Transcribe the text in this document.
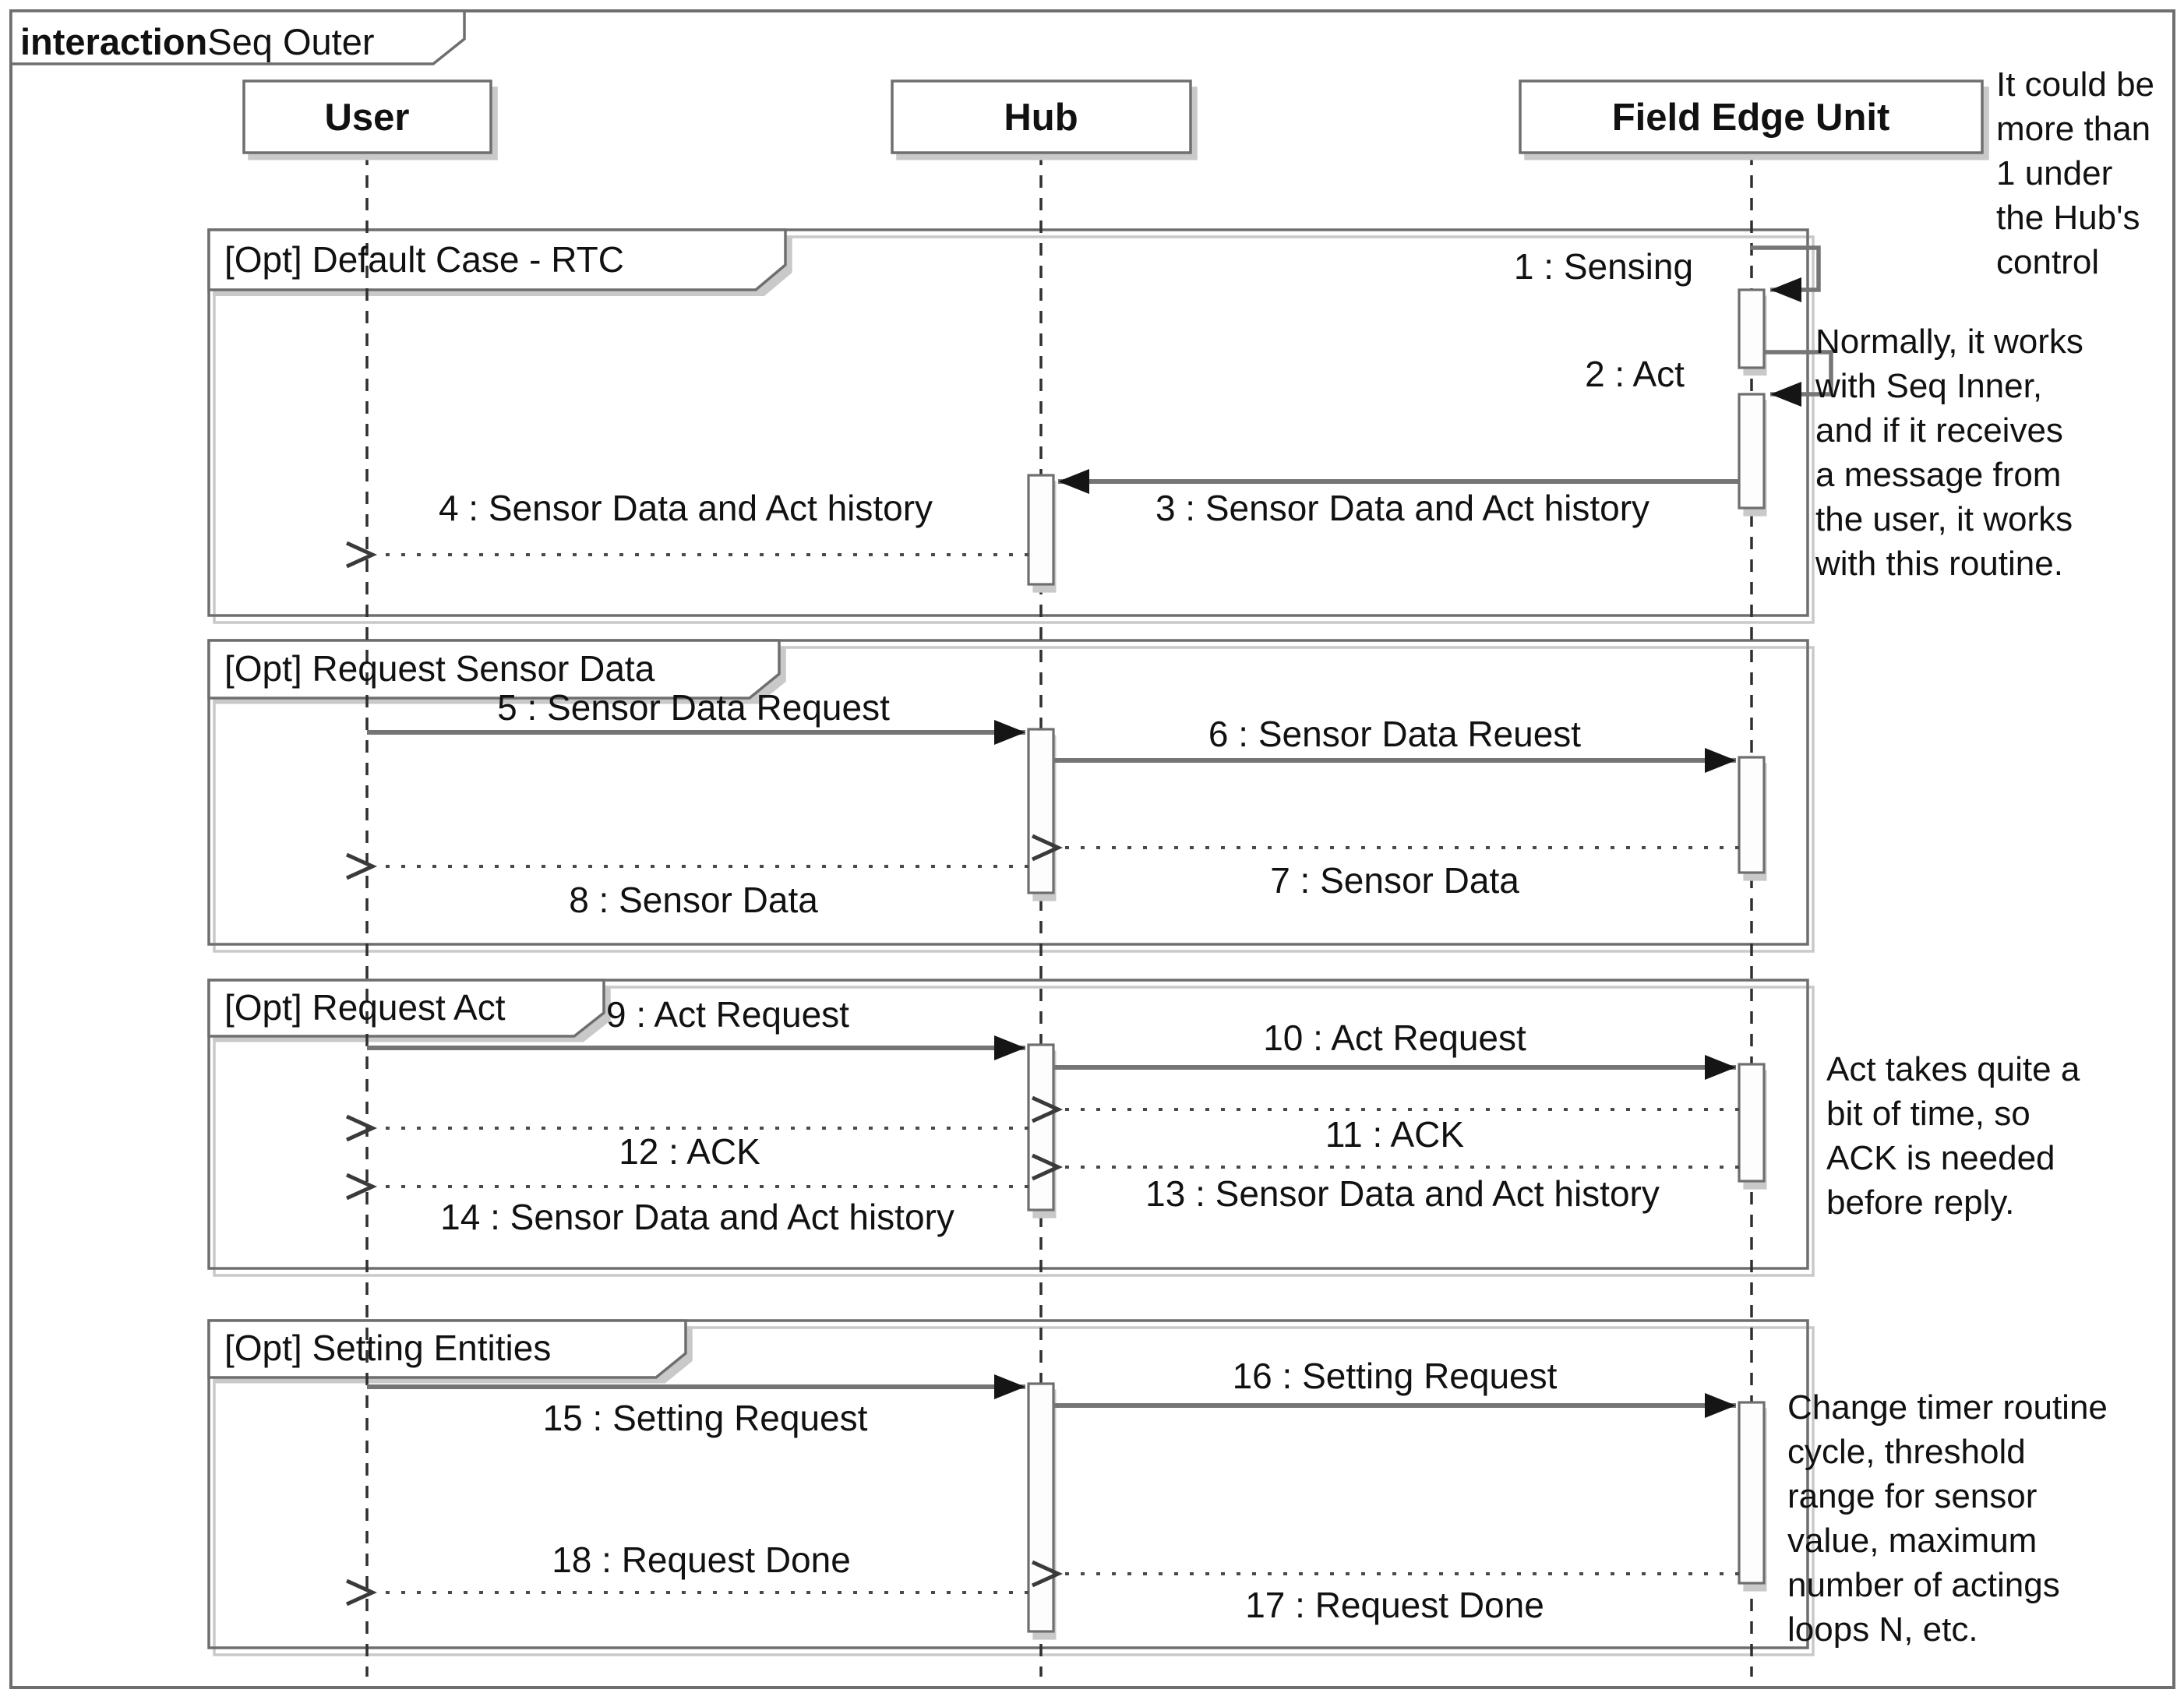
interactionSeq Outer
User	Hub	Field Edge Unit
[Opt] Default Case - RTC
[Opt] Request Sensor Data
[Opt] Request Act
[Opt] Setting Entities
1 : Sensing
2 : Act
3 : Sensor Data and Act history
4 : Sensor Data and Act history
5 : Sensor Data Request
6 : Sensor Data Reuest
7 : Sensor Data
8 : Sensor Data
9 : Act Request
10 : Act Request
11 : ACK
12 : ACK
13 : Sensor Data and Act history
14 : Sensor Data and Act history
15 : Setting Request
16 : Setting Request
17 : Request Done
18 : Request Done
It could be
more than
1 under
the Hub's
control
Normally, it works
with Seq Inner,
and if it receives
a message from
the user, it works
with this routine.
Act takes quite a
bit of time, so
ACK is needed
before reply.
Change timer routine
cycle, threshold
range for sensor
value, maximum
number of actings
loops N, etc.
